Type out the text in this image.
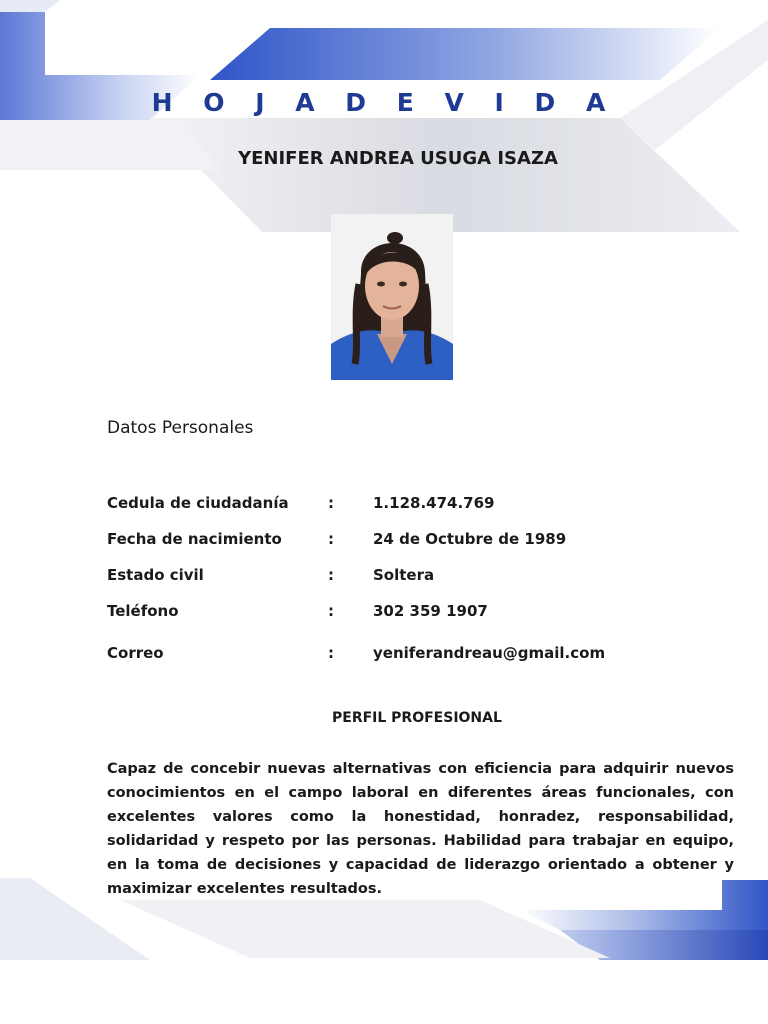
H O J A D E V I D A
YENIFER ANDREA USUGA ISAZA
Datos Personales
Cedula de ciudadanía	:	1.128.474.769
Fecha de nacimiento	:	24 de Octubre de 1989
Estado civil	:	Soltera
Teléfono	:	302 359 1907
Correo	:	yeniferandreau@gmail.com
PERFIL PROFESIONAL
Capaz de concebir nuevas alternativas con eficiencia para adquirir nuevos conocimientos en el campo laboral en diferentes áreas funcionales, con excelentes valores como la honestidad, honradez, responsabilidad, solidaridad y respeto por las personas. Habilidad para trabajar en equipo, en la toma de decisiones y capacidad de liderazgo orientado a obtener y maximizar excelentes resultados.
